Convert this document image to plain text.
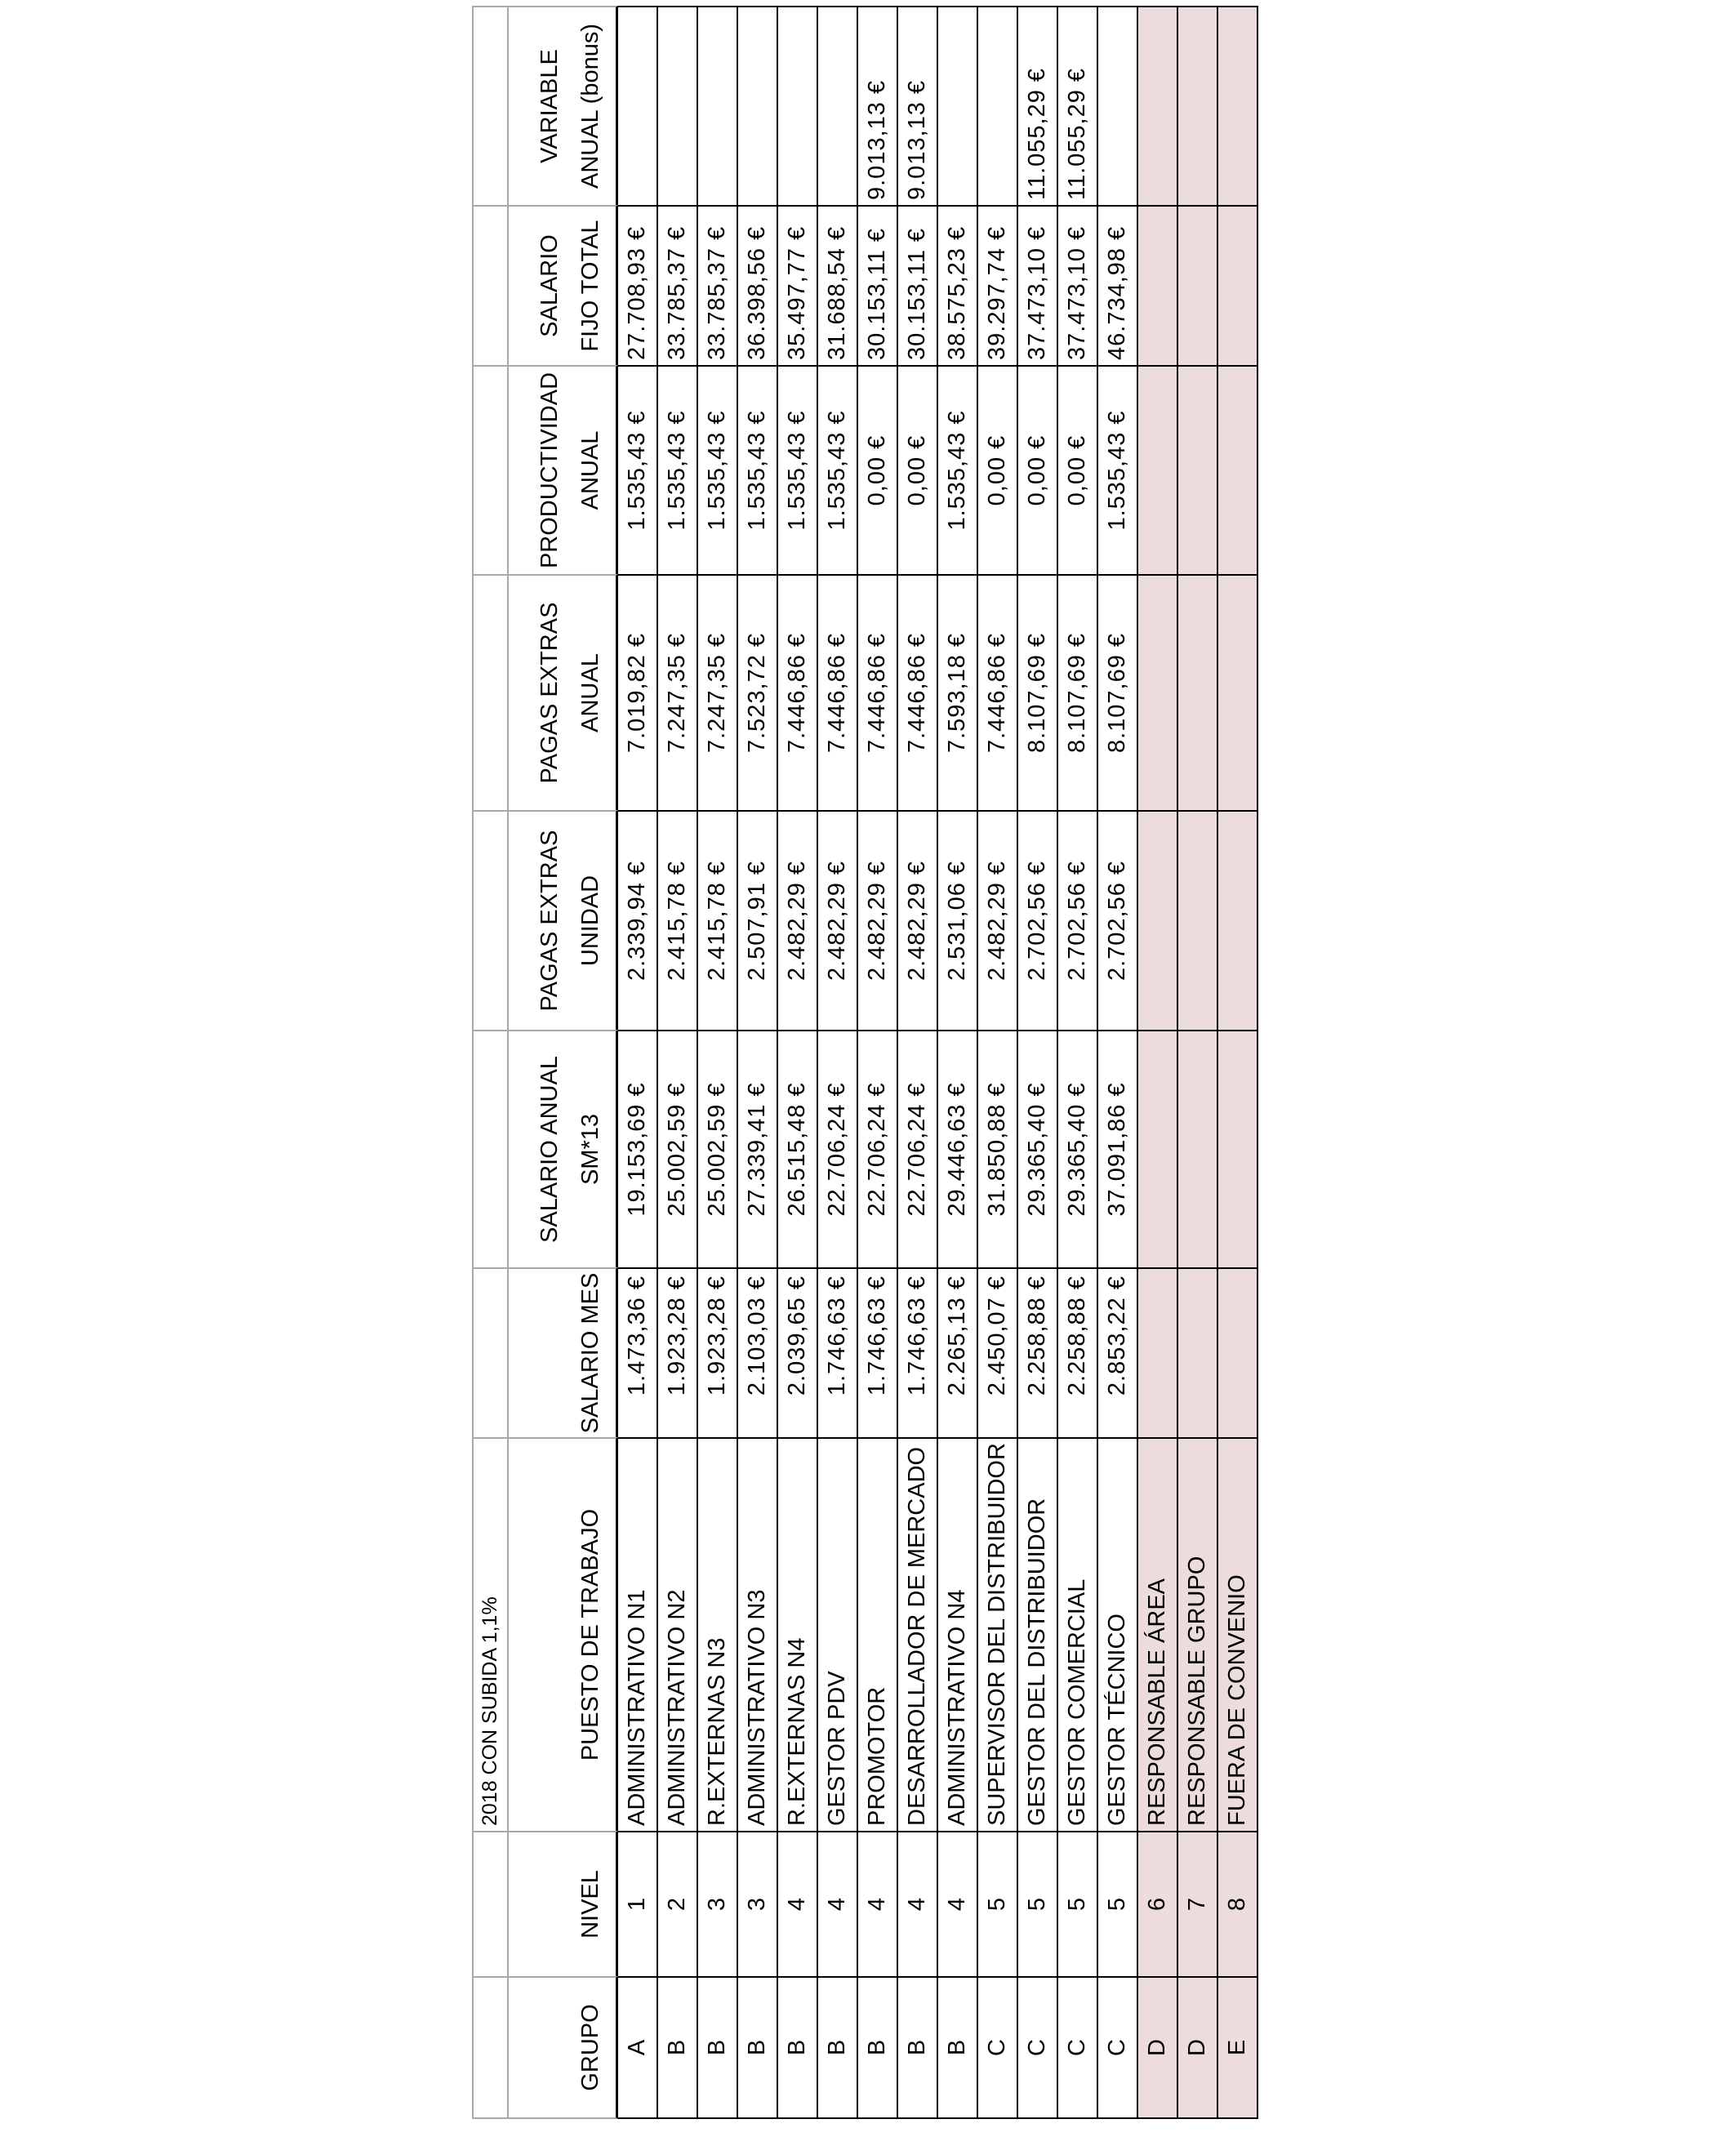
		2018 CON SUBIDA 1,1%							

GRUPO	NIVEL	PUESTO DE TRABAJO	SALARIO MES	SALARIO ANUAL SM*13	PAGAS EXTRAS UNIDAD	PAGAS EXTRAS ANUAL	PRODUCTIVIDAD ANUAL	SALARIO FIJO TOTAL	VARIABLE ANUAL (bonus)

A	1	ADMINISTRATIVO N1	1.473,36 €	19.153,69 €	2.339,94 €	7.019,82 €	1.535,43 €	27.708,93 €	
B	2	ADMINISTRATIVO N2	1.923,28 €	25.002,59 €	2.415,78 €	7.247,35 €	1.535,43 €	33.785,37 €	
B	3	R.EXTERNAS N3	1.923,28 €	25.002,59 €	2.415,78 €	7.247,35 €	1.535,43 €	33.785,37 €	
B	3	ADMINISTRATIVO N3	2.103,03 €	27.339,41 €	2.507,91 €	7.523,72 €	1.535,43 €	36.398,56 €	
B	4	R.EXTERNAS N4	2.039,65 €	26.515,48 €	2.482,29 €	7.446,86 €	1.535,43 €	35.497,77 €	
B	4	GESTOR PDV	1.746,63 €	22.706,24 €	2.482,29 €	7.446,86 €	1.535,43 €	31.688,54 €	
B	4	PROMOTOR	1.746,63 €	22.706,24 €	2.482,29 €	7.446,86 €	0,00 €	30.153,11 €	9.013,13 €
B	4	DESARROLLADOR DE MERCADO	1.746,63 €	22.706,24 €	2.482,29 €	7.446,86 €	0,00 €	30.153,11 €	9.013,13 €
B	4	ADMINISTRATIVO N4	2.265,13 €	29.446,63 €	2.531,06 €	7.593,18 €	1.535,43 €	38.575,23 €	
C	5	SUPERVISOR DEL DISTRIBUIDOR	2.450,07 €	31.850,88 €	2.482,29 €	7.446,86 €	0,00 €	39.297,74 €	
C	5	GESTOR DEL DISTRIBUIDOR	2.258,88 €	29.365,40 €	2.702,56 €	8.107,69 €	0,00 €	37.473,10 €	11.055,29 €
C	5	GESTOR COMERCIAL	2.258,88 €	29.365,40 €	2.702,56 €	8.107,69 €	0,00 €	37.473,10 €	11.055,29 €
C	5	GESTOR TÉCNICO	2.853,22 €	37.091,86 €	2.702,56 €	8.107,69 €	1.535,43 €	46.734,98 €	
D	6	RESPONSABLE ÁREA							
D	7	RESPONSABLE GRUPO							
E	8	FUERA DE CONVENIO							
